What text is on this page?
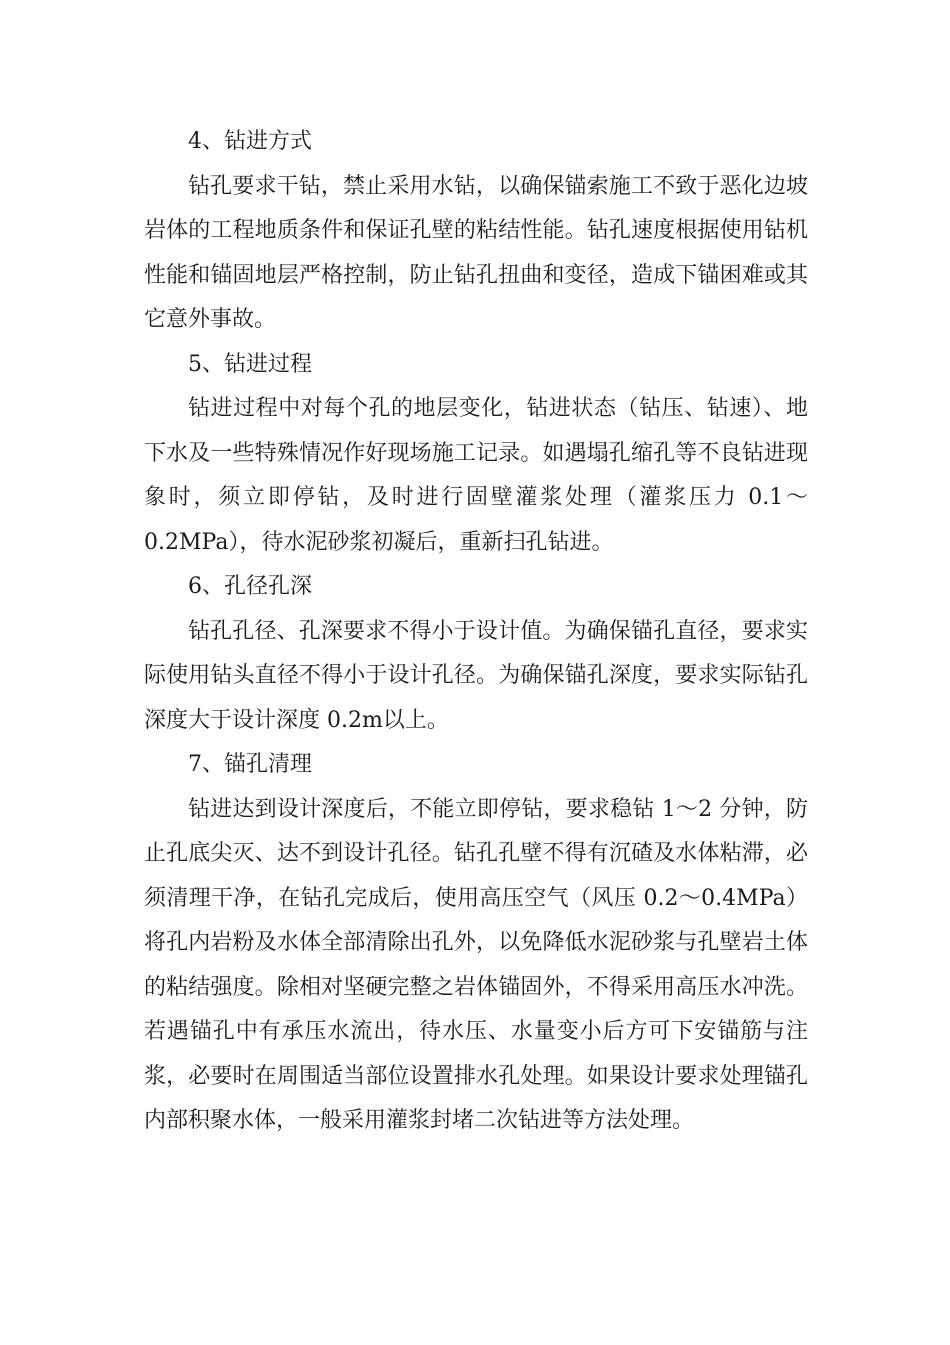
4、钻进方式

钻孔要求干钻，禁止采用水钻，以确保锚索施工不致于恶化边坡岩体的工程地质条件和保证孔壁的粘结性能。钻孔速度根据使用钻机性能和锚固地层严格控制，防止钻孔扭曲和变径，造成下锚困难或其它意外事故。

5、钻进过程

钻进过程中对每个孔的地层变化，钻进状态（钻压、钻速）、地下水及一些特殊情况作好现场施工记录。如遇塌孔缩孔等不良钻进现象时，须立即停钻，及时进行固壁灌浆处理（灌浆压力 0.1～0.2MPa），待水泥砂浆初凝后，重新扫孔钻进。

6、孔径孔深

钻孔孔径、孔深要求不得小于设计值。为确保锚孔直径，要求实际使用钻头直径不得小于设计孔径。为确保锚孔深度，要求实际钻孔深度大于设计深度 0.2m以上。

7、锚孔清理

钻进达到设计深度后，不能立即停钻，要求稳钻 1～2 分钟，防止孔底尖灭、达不到设计孔径。钻孔孔壁不得有沉碴及水体粘滞，必须清理干净，在钻孔完成后，使用高压空气（风压 0.2～0.4MPa）将孔内岩粉及水体全部清除出孔外，以免降低水泥砂浆与孔壁岩土体的粘结强度。除相对坚硬完整之岩体锚固外，不得采用高压水冲洗。若遇锚孔中有承压水流出，待水压、水量变小后方可下安锚筋与注浆，必要时在周围适当部位设置排水孔处理。如果设计要求处理锚孔内部积聚水体，一般采用灌浆封堵二次钻进等方法处理。
